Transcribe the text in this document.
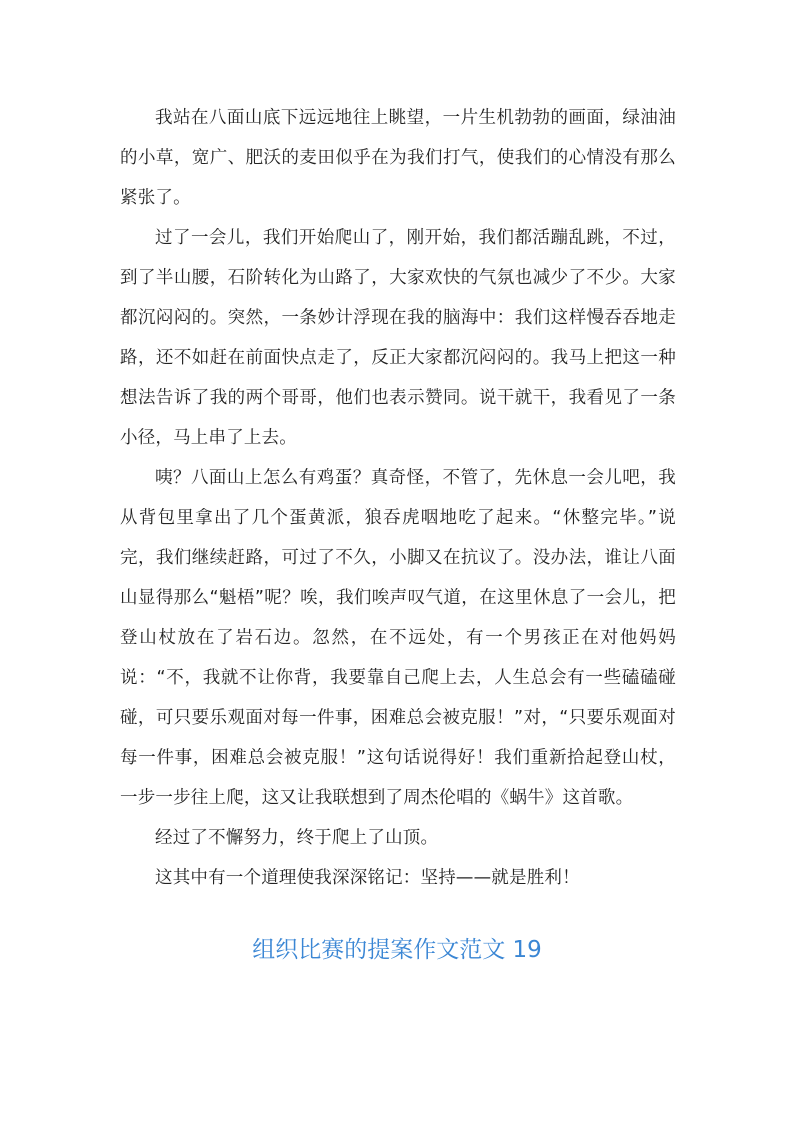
我站在八面山底下远远地往上眺望，一片生机勃勃的画面，绿油油的小草，宽广、肥沃的麦田似乎在为我们打气，使我们的心情没有那么紧张了。

过了一会儿，我们开始爬山了，刚开始，我们都活蹦乱跳，不过，到了半山腰，石阶转化为山路了，大家欢快的气氛也减少了不少。大家都沉闷闷的。突然，一条妙计浮现在我的脑海中：我们这样慢吞吞地走路，还不如赶在前面快点走了，反正大家都沉闷闷的。我马上把这一种想法告诉了我的两个哥哥，他们也表示赞同。说干就干，我看见了一条小径，马上串了上去。

咦？八面山上怎么有鸡蛋？真奇怪，不管了，先休息一会儿吧，我从背包里拿出了几个蛋黄派，狼吞虎咽地吃了起来。“休整完毕。”说完，我们继续赶路，可过了不久，小脚又在抗议了。没办法，谁让八面山显得那么“魁梧”呢？唉，我们唉声叹气道，在这里休息了一会儿，把登山杖放在了岩石边。忽然，在不远处，有一个男孩正在对他妈妈说：“不，我就不让你背，我要靠自己爬上去，人生总会有一些磕磕碰碰，可只要乐观面对每一件事，困难总会被克服！”对，“只要乐观面对每一件事，困难总会被克服！”这句话说得好！我们重新拾起登山杖，一步一步往上爬，这又让我联想到了周杰伦唱的《蜗牛》这首歌。

经过了不懈努力，终于爬上了山顶。

这其中有一个道理使我深深铭记：坚持——就是胜利！

组织比赛的提案作文范文 19
